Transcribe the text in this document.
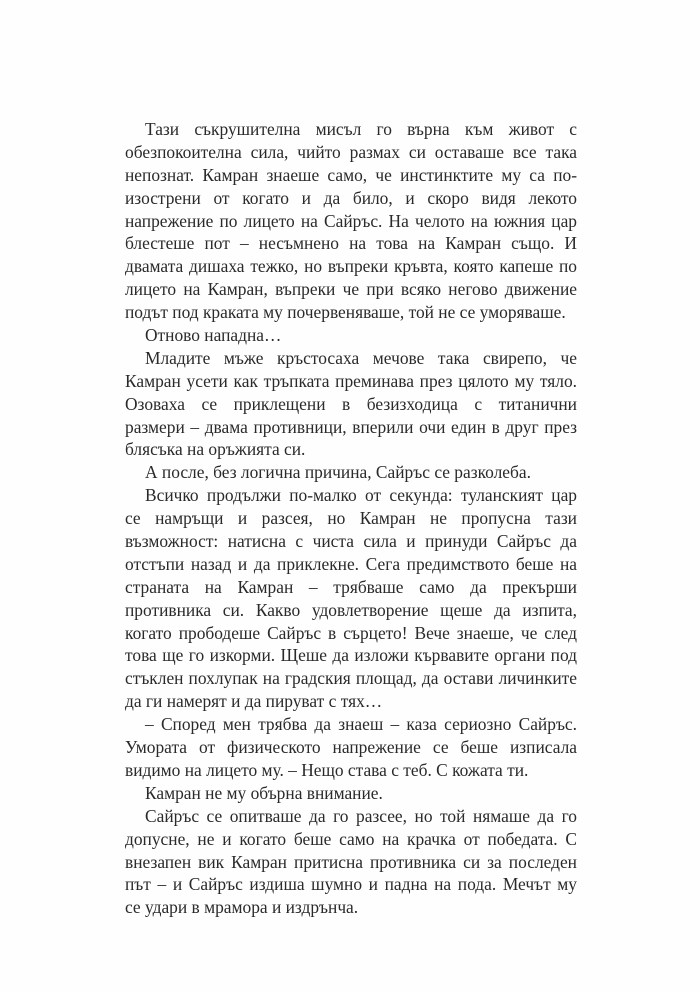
Тази съкрушителна мисъл го върна към живот с
обезпокоителна сила, чийто размах си оставаше все така
непознат. Камран знаеше само, че инстинктите му са по-
изострени от когато и да било, и скоро видя лекото
напрежение по лицето на Сайръс. На челото на южния цар
блестеше пот – несъмнено на това на Камран също. И
двамата дишаха тежко, но въпреки кръвта, която капеше по
лицето на Камран, въпреки че при всяко негово движение
подът под краката му почервеняваше, той не се уморяваше.
Отново нападна…
Младите мъже кръстосаха мечове така свирепо, че
Камран усети как тръпката преминава през цялото му тяло.
Озоваха се приклещени в безизходица с титанични
размери – двама противници, вперили очи един в друг през
блясъка на оръжията си.
А после, без логична причина, Сайръс се разколеба.
Всичко продължи по-малко от секунда: туланският цар
се намръщи и разсея, но Камран не пропусна тази
възможност: натисна с чиста сила и принуди Сайръс да
отстъпи назад и да приклекне. Сега предимството беше на
страната на Камран – трябваше само да прекърши
противника си. Какво удовлетворение щеше да изпита,
когато прободеше Сайръс в сърцето! Вече знаеше, че след
това ще го изкорми. Щеше да изложи кървавите органи под
стъклен похлупак на градския площад, да остави личинките
да ги намерят и да пируват с тях…
– Според мен трябва да знаеш – каза сериозно Сайръс.
Умората от физическото напрежение се беше изписала
видимо на лицето му. – Нещо става с теб. С кожата ти.
Камран не му обърна внимание.
Сайръс се опитваше да го разсее, но той нямаше да го
допусне, не и когато беше само на крачка от победата. С
внезапен вик Камран притисна противника си за последен
път – и Сайръс издиша шумно и падна на пода. Мечът му
се удари в мрамора и издрънча.
